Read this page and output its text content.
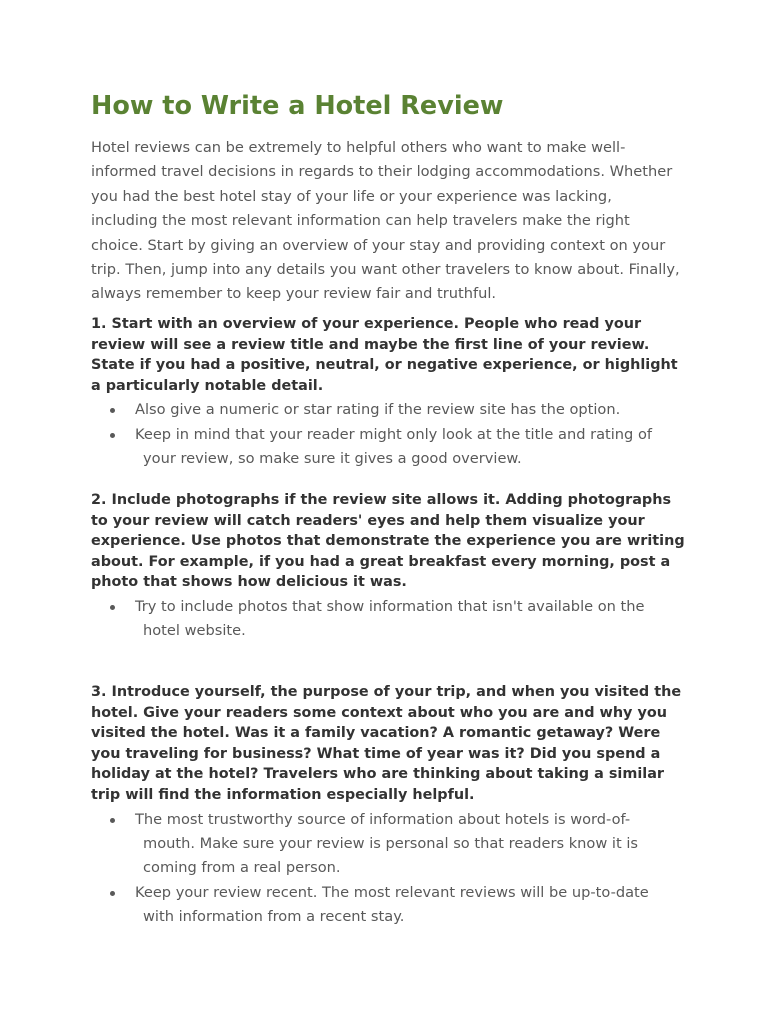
How to Write a Hotel Review

Hotel reviews can be extremely to helpful others who want to make well-informed travel decisions in regards to their lodging accommodations. Whether you had the best hotel stay of your life or your experience was lacking, including the most relevant information can help travelers make the right choice. Start by giving an overview of your stay and providing context on your trip. Then, jump into any details you want other travelers to know about. Finally, always remember to keep your review fair and truthful.

1. Start with an overview of your experience. People who read your review will see a review title and maybe the first line of your review. State if you had a positive, neutral, or negative experience, or highlight a particularly notable detail.

Also give a numeric or star rating if the review site has the option.
Keep in mind that your reader might only look at the title and rating of your review, so make sure it gives a good overview.

2. Include photographs if the review site allows it. Adding photographs to your review will catch readers' eyes and help them visualize your experience. Use photos that demonstrate the experience you are writing about. For example, if you had a great breakfast every morning, post a photo that shows how delicious it was.

Try to include photos that show information that isn't available on the hotel website.

3. Introduce yourself, the purpose of your trip, and when you visited the hotel. Give your readers some context about who you are and why you visited the hotel. Was it a family vacation? A romantic getaway? Were you traveling for business? What time of year was it? Did you spend a holiday at the hotel? Travelers who are thinking about taking a similar trip will find the information especially helpful.

The most trustworthy source of information about hotels is word-of-mouth. Make sure your review is personal so that readers know it is coming from a real person.
Keep your review recent. The most relevant reviews will be up-to-date with information from a recent stay.
